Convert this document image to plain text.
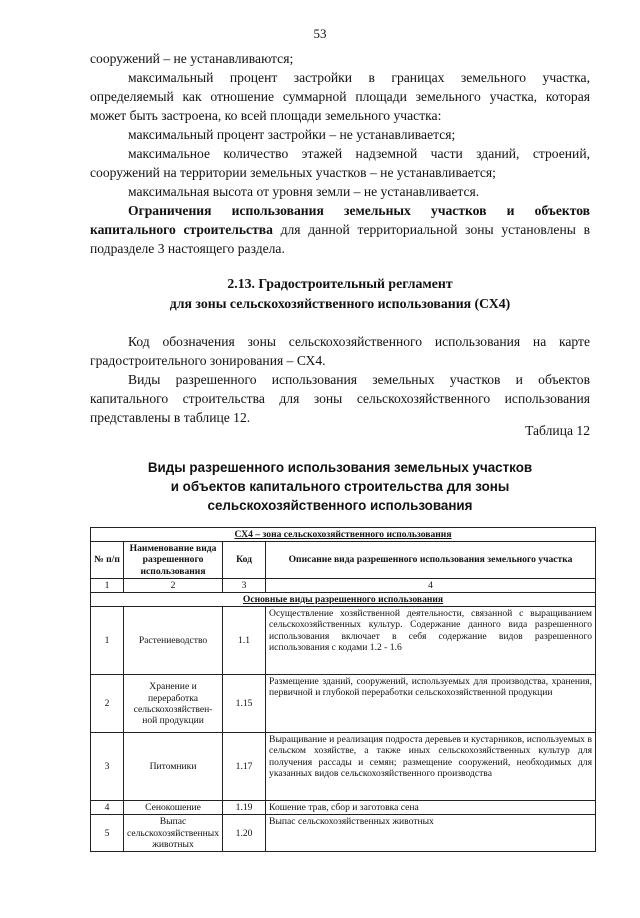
53

сооружений – не устанавливаются;

максимальный процент застройки в границах земельного участка, определяемый как отношение суммарной площади земельного участка, которая может быть застроена, ко всей площади земельного участка:

максимальный процент застройки – не устанавливается;

максимальное количество этажей надземной части зданий, строений, сооружений на территории земельных участков – не устанавливается;

максимальная высота от уровня земли – не устанавливается.

Ограничения использования земельных участков и объектов капитального строительства для данной территориальной зоны установлены в подразделе 3 настоящего раздела.

2.13. Градостроительный регламент
для зоны сельскохозяйственного использования (СХ4)

Код обозначения зоны сельскохозяйственного использования на карте градостроительного зонирования – СХ4.

Виды разрешенного использования земельных участков и объектов капитального строительства для зоны сельскохозяйственного использования представлены в таблице 12.

Таблица 12
Виды разрешенного использования земельных участков
и объектов капитального строительства для зоны
сельскохозяйственного использования
СХ4 – зона сельскохозяйственного использования			
№ п/п	Наименование вида разрешенного использования	Код	Описание вида разрешенного использования земельного участка
1	2	3	4
Основные виды разрешенного использования			
1	Растениеводство	1.1	Осуществление хозяйственной деятельности, связанной с выращиванием сельскохозяйственных культур. Содержание данного вида разрешенного использования включает в себя содержание видов разрешенного использования с кодами 1.2 - 1.6
2	Хранение и переработка сельскохозяйствен-ной продукции	1.15	Размещение зданий, сооружений, используемых для производства, хранения, первичной и глубокой переработки сельскохозяйственной продукции
3	Питомники	1.17	Выращивание и реализация подроста деревьев и кустарников, используемых в сельском хозяйстве, а также иных сельскохозяйственных культур для получения рассады и семян; размещение сооружений, необходимых для указанных видов сельскохозяйственного производства
4	Сенокошение	1.19	Кошение трав, сбор и заготовка сена
5	Выпас сельскохозяйственных животных	1.20	Выпас сельскохозяйственных животных
